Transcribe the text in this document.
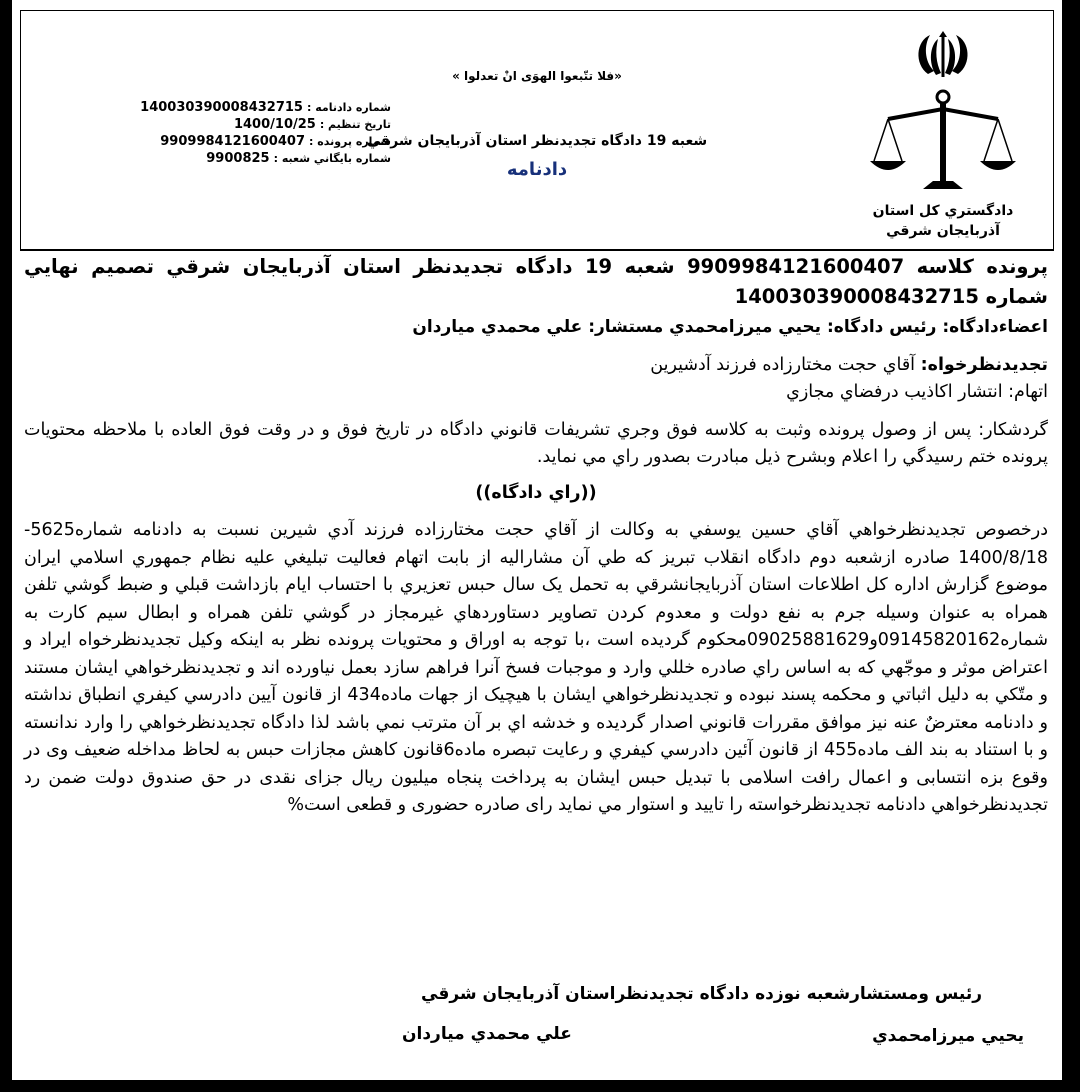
دادگستري كل استان آذربايجان شرقي
«فلا تتّبعوا الهوَی انْ تعدلوا »
شعبه 19 دادگاه تجديدنظر استان آذربايجان شرقي
دادنامه
شماره دادنامه :
140030390008432715
تاريخ تنظيم :
1400/10/25
شماره پرونده :
9909984121600407
شماره بايگاني شعبه :
9900825
پرونده كلاسه 9909984121600407 شعبه 19 دادگاه تجديدنظر استان آذربايجان شرقي تصميم نهايي شماره 140030390008432715
اعضاءدادگاه: رئيس دادگاه: يحيي ميرزامحمدي مستشار: علي محمدي مياردان
تجديدنظرخواه: آقاي حجت مختارزاده فرزند آدشيرين
اتهام: انتشار اكاذيب درفضاي مجازي
گردشكار: پس از وصول پرونده وثبت به كلاسه فوق وجري تشريفات قانوني دادگاه در تاريخ فوق و در وقت فوق العاده با ملاحظه محتويات پرونده ختم رسيدگي را اعلام وبشرح ذيل مبادرت بصدور راي مي نمايد.
((راي دادگاه))
درخصوص تجديدنظرخواهي آقاي حسين يوسفي به وكالت از آقاي حجت مختارزاده فرزند آدي شيرين نسبت به دادنامه شماره5625-1400/8/18 صادره ازشعبه دوم دادگاه انقلاب تبريز كه طي آن مشاراليه از بابت اتهام فعاليت تبليغي عليه نظام جمهوري اسلامي ايران موضوع گزارش اداره كل اطلاعات استان آذربايجانشرقي به تحمل يک سال حبس تعزيري با احتساب ايام بازداشت قبلي و ضبط گوشي تلفن همراه به عنوان وسيله جرم به نفع دولت و معدوم كردن تصاوير دستاوردهاي غيرمجاز در گوشي تلفن همراه و ابطال سيم كارت به شماره09145820162و09025881629محكوم گرديده است ،با توجه به اوراق و محتويات پرونده نظر به اينكه وكيل تجديدنظرخواه ايراد و اعتراض موثر و موجّهي كه به اساس راي صادره خللي وارد و موجبات فسخ آنرا فراهم سازد بعمل نياورده اند و تجديدنظرخواهي ايشان مستند و متّكي به دليل اثباتي و محكمه پسند نبوده و تجديدنظرخواهي ايشان با هيچيک از جهات ماده434 از قانون آيين دادرسي كيفري انطباق نداشته و دادنامه معترضٌ عنه نيز موافق مقررات قانوني اصدار گرديده و خدشه اي بر آن مترتب نمي باشد لذا دادگاه تجديدنظرخواهي را وارد ندانسته و با استناد به بند الف ماده455 از قانون آئين دادرسي كيفري و رعايت تبصره ماده6قانون كاهش مجازات حبس به لحاظ مداخله ضعيف وی در وقوع بزه انتسابی و اعمال رافت اسلامی با تبدیل حبس ایشان به پرداخت پنجاه میلیون ریال جزای نقدی در حق صندوق دولت ضمن رد تجديدنظرخواهي دادنامه تجديدنظرخواسته را تاييد و استوار مي نمايد رای صادره حضوری و قطعی است%
رئيس ومستشارشعبه نوزده دادگاه تجديدنظراستان آذربايجان شرقي
يحيي ميرزامحمدي
علي محمدي مياردان
